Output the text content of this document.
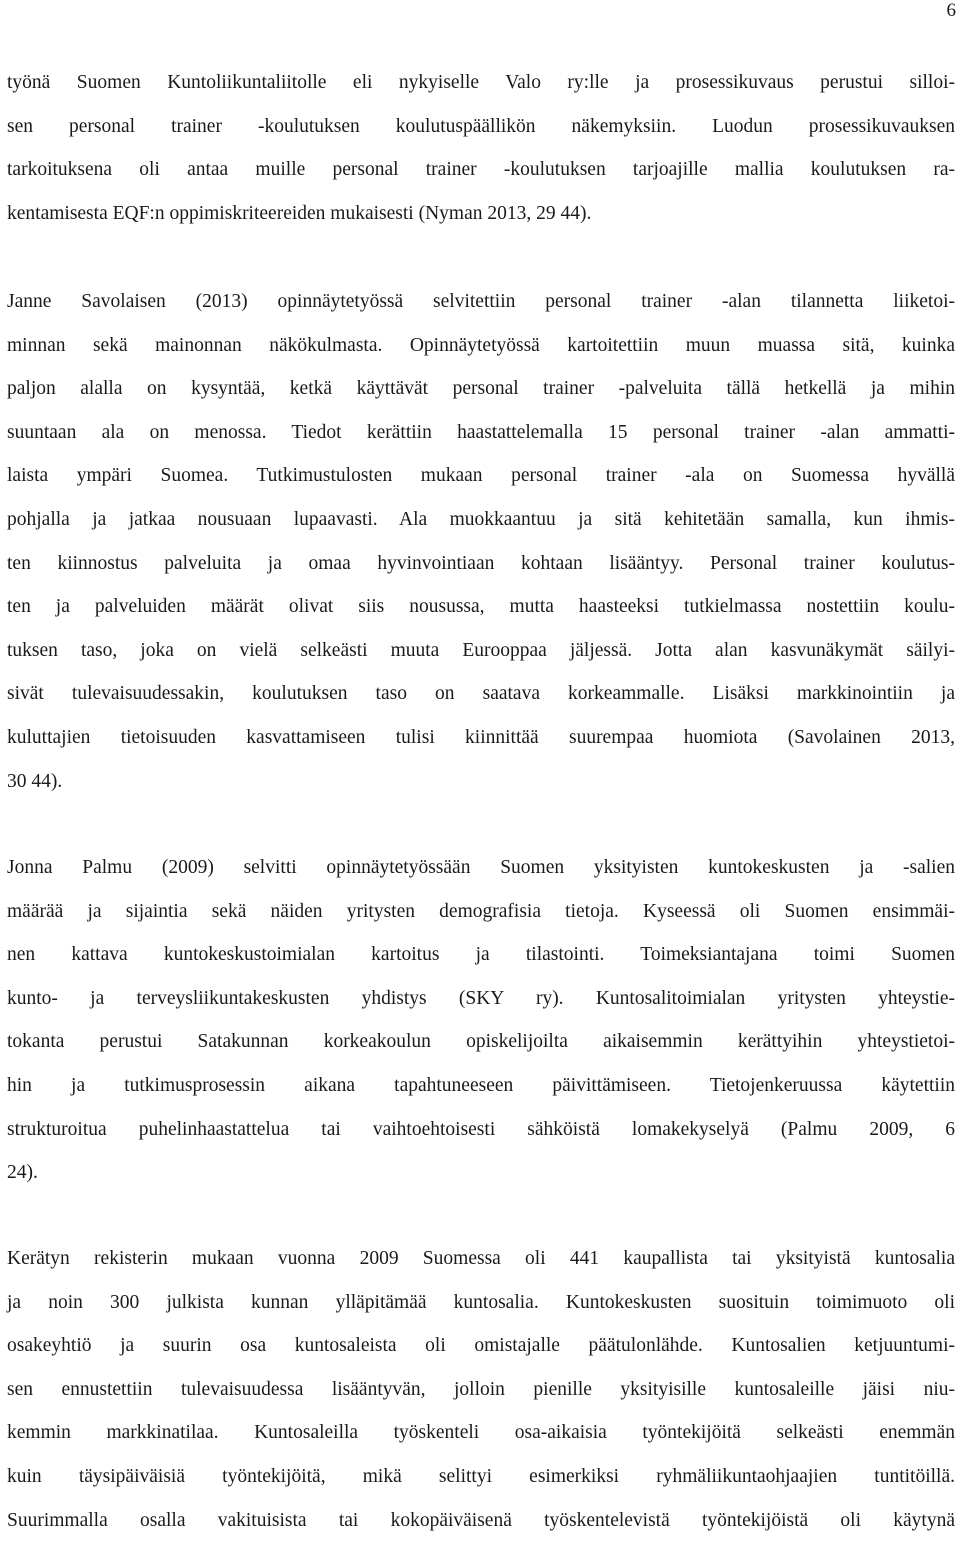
6

työnä Suomen Kuntoliikuntaliitolle eli nykyiselle Valo ry:lle ja prosessikuvaus perustui silloi-
sen personal trainer -koulutuksen koulutuspäällikön näkemyksiin. Luodun prosessikuvauksen
tarkoituksena oli antaa muille personal trainer -koulutuksen tarjoajille mallia koulutuksen ra-
kentamisesta EQF:n oppimiskriteereiden mukaisesti (Nyman 2013, 29 44).

Janne Savolaisen (2013) opinnäytetyössä selvitettiin personal trainer -alan tilannetta liiketoi-
minnan sekä mainonnan näkökulmasta. Opinnäytetyössä kartoitettiin muun muassa sitä, kuinka
paljon alalla on kysyntää, ketkä käyttävät personal trainer -palveluita tällä hetkellä ja mihin
suuntaan ala on menossa. Tiedot kerättiin haastattelemalla 15 personal trainer -alan ammatti-
laista ympäri Suomea. Tutkimustulosten mukaan personal trainer -ala on Suomessa hyvällä
pohjalla ja jatkaa nousuaan lupaavasti. Ala muokkaantuu ja sitä kehitetään samalla, kun ihmis-
ten kiinnostus palveluita ja omaa hyvinvointiaan kohtaan lisääntyy. Personal trainer koulutus-
ten ja palveluiden määrät olivat siis nousussa, mutta haasteeksi tutkielmassa nostettiin koulu-
tuksen taso, joka on vielä selkeästi muuta Eurooppaa jäljessä. Jotta alan kasvunäkymät säilyi-
sivät tulevaisuudessakin, koulutuksen taso on saatava korkeammalle. Lisäksi markkinointiin ja
kuluttajien tietoisuuden kasvattamiseen tulisi kiinnittää suurempaa huomiota (Savolainen 2013,
30 44).

Jonna Palmu (2009) selvitti opinnäytetyössään Suomen yksityisten kuntokeskusten ja -salien
määrää ja sijaintia sekä näiden yritysten demografisia tietoja. Kyseessä oli Suomen ensimmäi-
nen kattava kuntokeskustoimialan kartoitus ja tilastointi. Toimeksiantajana toimi Suomen
kunto- ja terveysliikuntakeskusten yhdistys (SKY ry). Kuntosalitoimialan yritysten yhteystie-
tokanta perustui Satakunnan korkeakoulun opiskelijoilta aikaisemmin kerättyihin yhteystietoi-
hin ja tutkimusprosessin aikana tapahtuneeseen päivittämiseen. Tietojenkeruussa käytettiin
strukturoitua puhelinhaastattelua tai vaihtoehtoisesti sähköistä lomakekyselyä (Palmu 2009, 6
24).

Kerätyn rekisterin mukaan vuonna 2009 Suomessa oli 441 kaupallista tai yksityistä kuntosalia
ja noin 300 julkista kunnan ylläpitämää kuntosalia. Kuntokeskusten suosituin toimimuoto oli
osakeyhtiö ja suurin osa kuntosaleista oli omistajalle päätulonlähde. Kuntosalien ketjuuntumi-
sen ennustettiin tulevaisuudessa lisääntyvän, jolloin pienille yksityisille kuntosaleille jäisi niu-
kemmin markkinatilaa. Kuntosaleilla työskenteli osa-aikaisia työntekijöitä selkeästi enemmän
kuin täysipäiväisiä työntekijöitä, mikä selittyi esimerkiksi ryhmäliikuntaohjaajien tuntitöillä.
Suurimmalla osalla vakituisista tai kokopäiväisenä työskentelevistä työntekijöistä oli käytynä
